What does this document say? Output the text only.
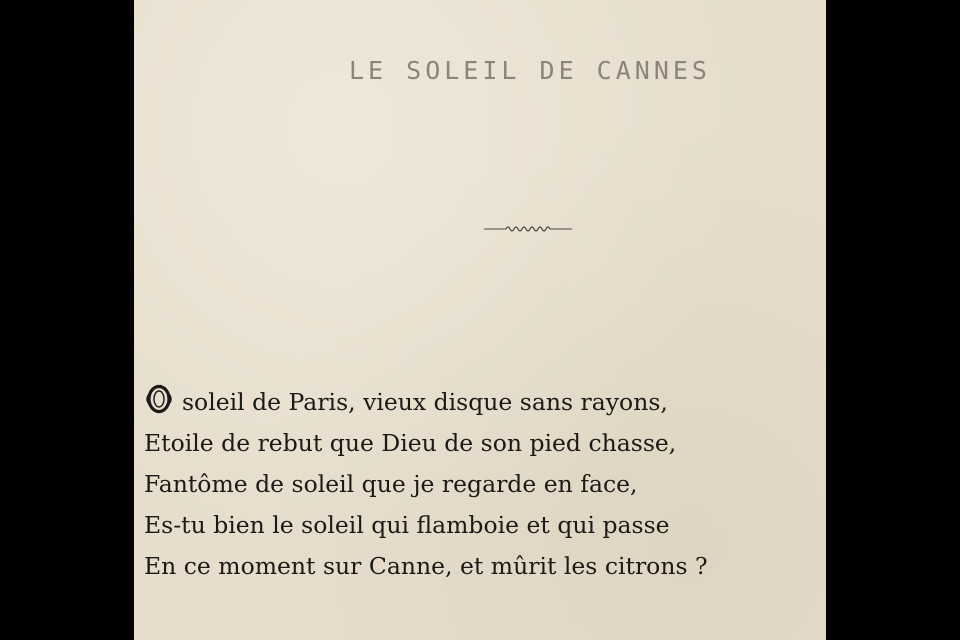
LE SOLEIL DE CANNES
soleil de Paris, vieux disque sans rayons,
Etoile de rebut que Dieu de son pied chasse,
Fantôme de soleil que je regarde en face,
Es-tu bien le soleil qui flamboie et qui passe
En ce moment sur Canne, et mûrit les citrons ?
